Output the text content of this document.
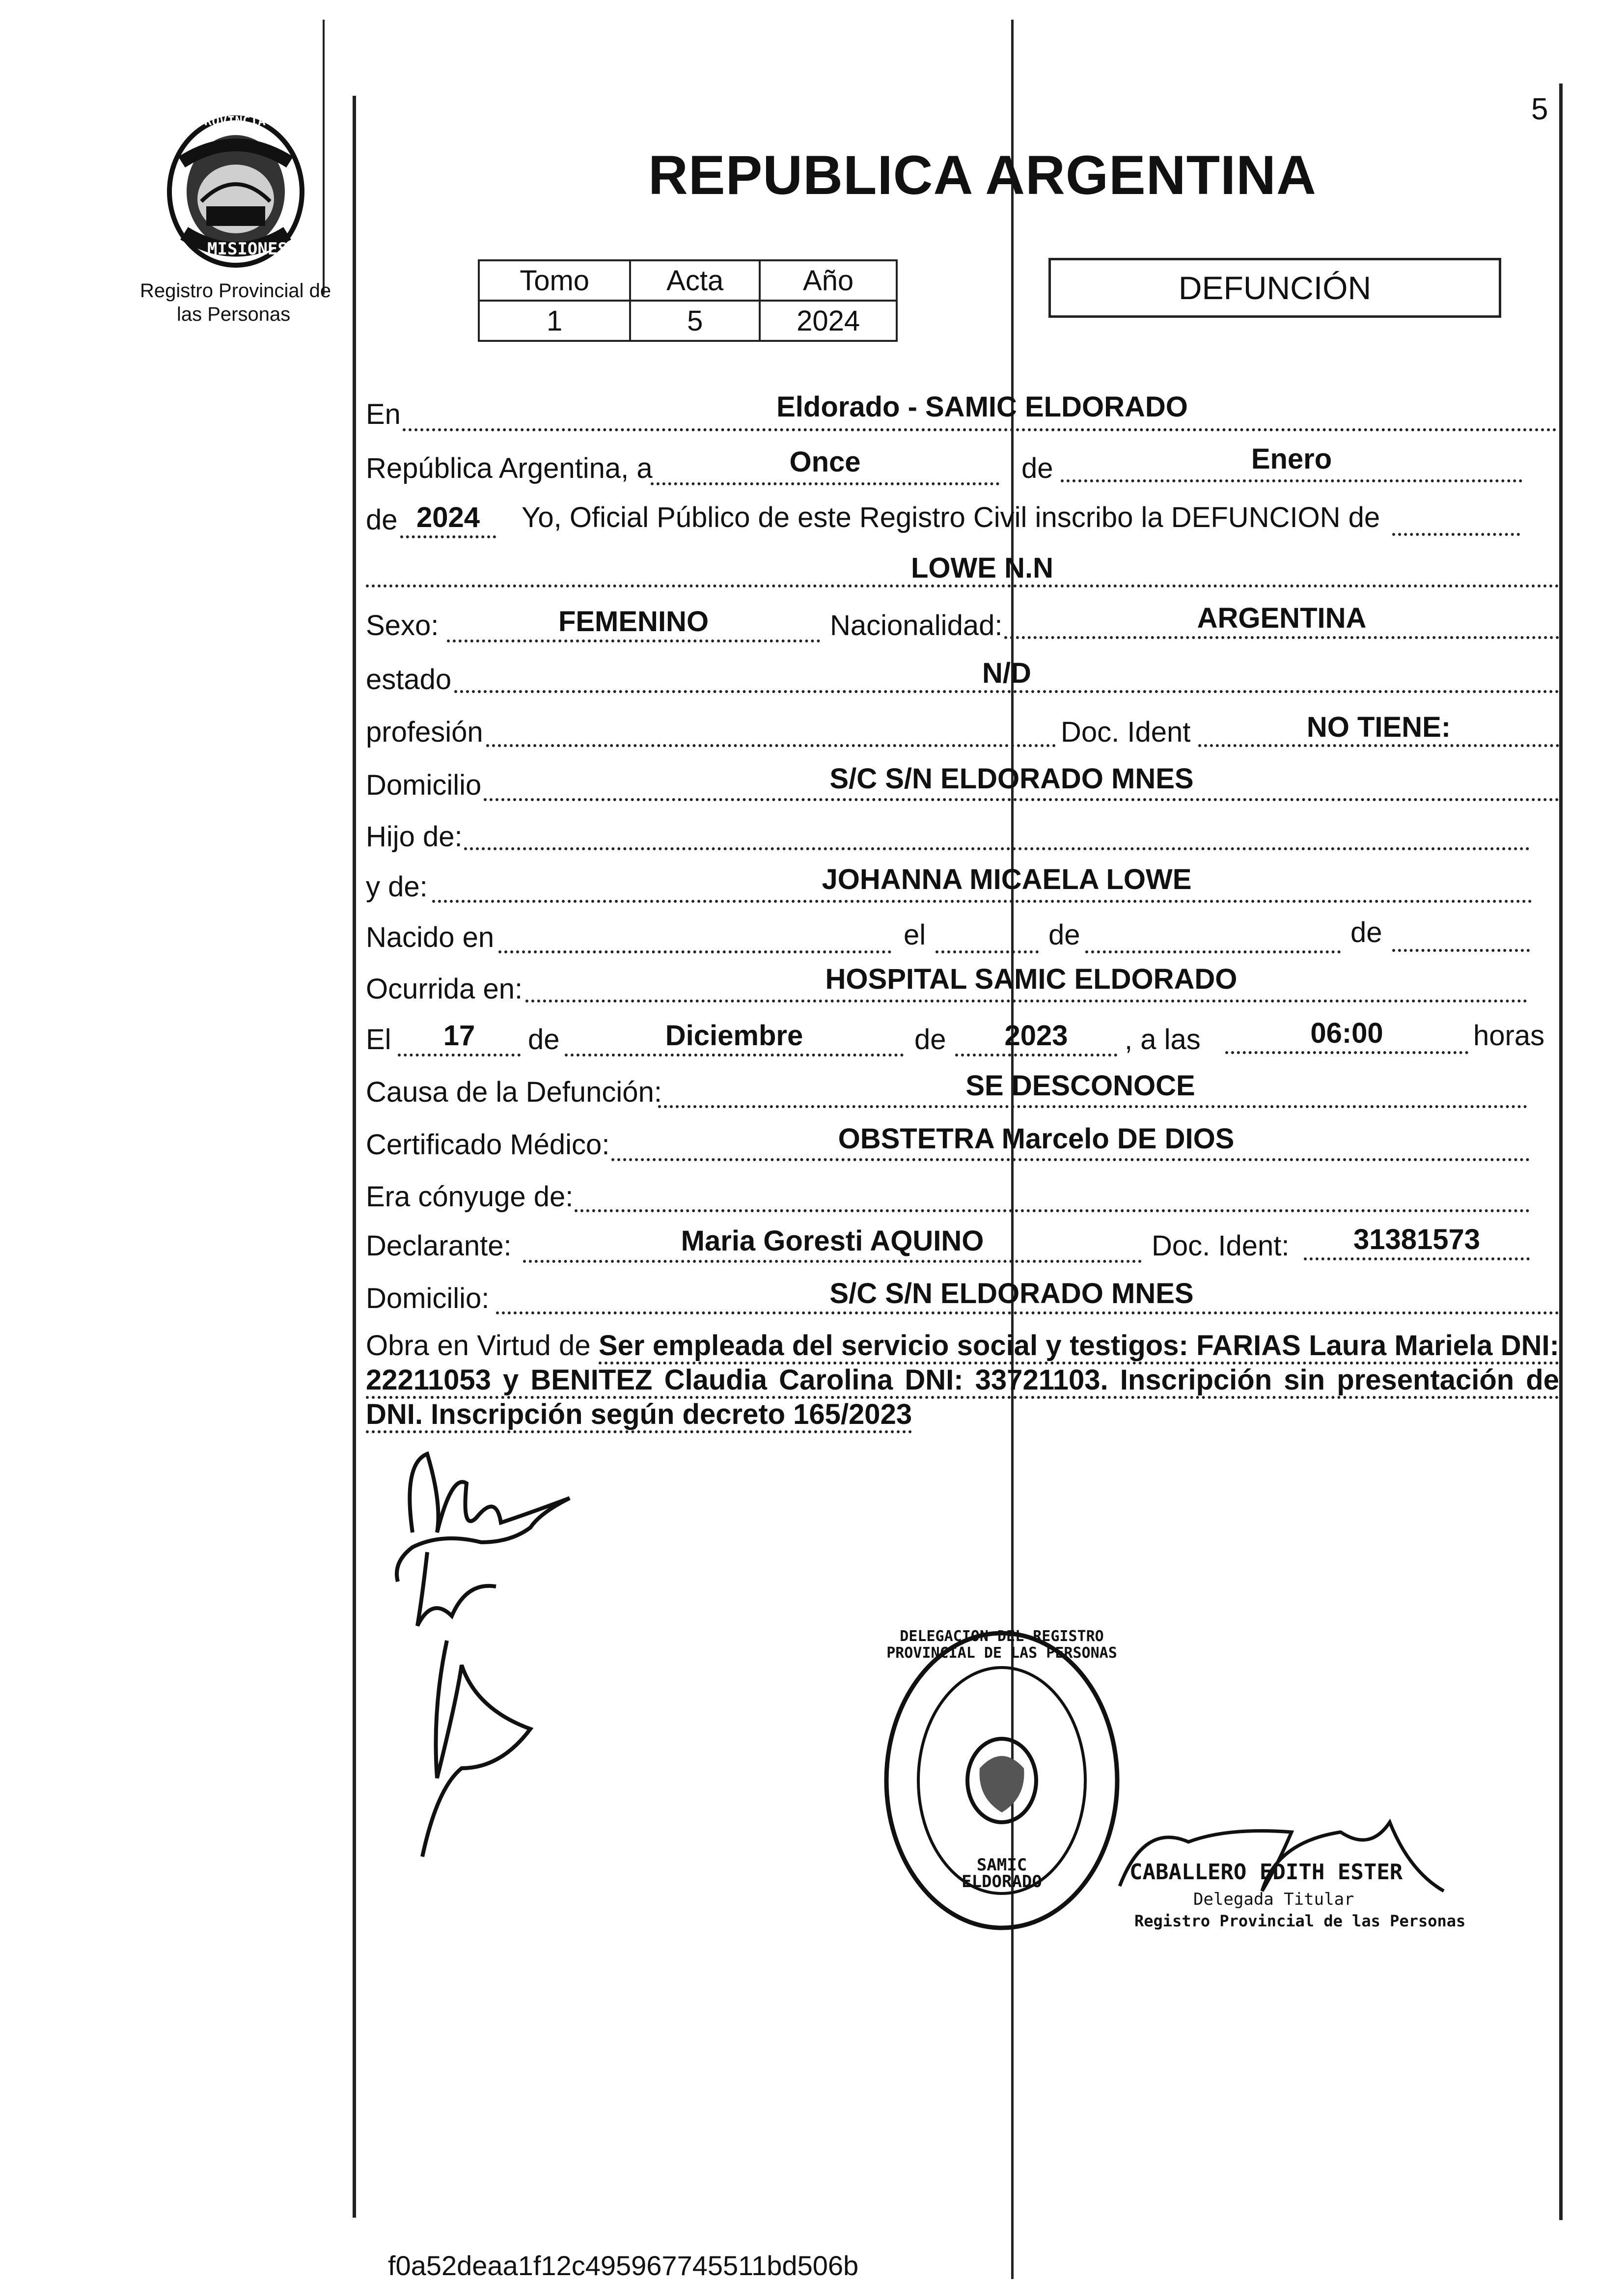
5
PROVINCIA DE
MISIONES
Registro Provincial de
las Personas
REPUBLICA ARGENTINA
Tomo	Acta	Año
1	5	2024
DEFUNCIÓN
En	Eldorado - SAMIC ELDORADO
República Argentina, a	Once	de	Enero
de 2024	Yo, Oficial Público de este Registro Civil inscribo la DEFUNCION de
LOWE N.N
Sexo:	FEMENINO	Nacionalidad:	ARGENTINA
estado	N/D
profesión	Doc. Ident	NO TIENE:
Domicilio	S/C S/N ELDORADO MNES
Hijo de:
y de:	JOHANNA MICAELA LOWE
Nacido en	el	de	de
Ocurrida en:	HOSPITAL SAMIC ELDORADO
El	17	de	Diciembre	de	2023	, a las	06:00	horas
Causa de la Defunción:	SE DESCONOCE
Certificado Médico:	OBSTETRA Marcelo DE DIOS
Era cónyuge de:
Declarante:	Maria Goresti AQUINO	Doc. Ident:	31381573
Domicilio:	S/C S/N ELDORADO MNES
Obra en Virtud de Ser empleada del servicio social y testigos: FARIAS Laura Mariela DNI: 22211053 y BENITEZ Claudia Carolina DNI: 33721103. Inscripción sin presentación de DNI. Inscripción según decreto 165/2023
DELEGACION DEL REGISTRO PROVINCIAL DE LAS PERSONAS
SAMIC ELDORADO	CABALLERO EDITH ESTER
Delegada Titular
Registro Provincial de las Personas
f0a52deaa1f12c495967745511bd506b
